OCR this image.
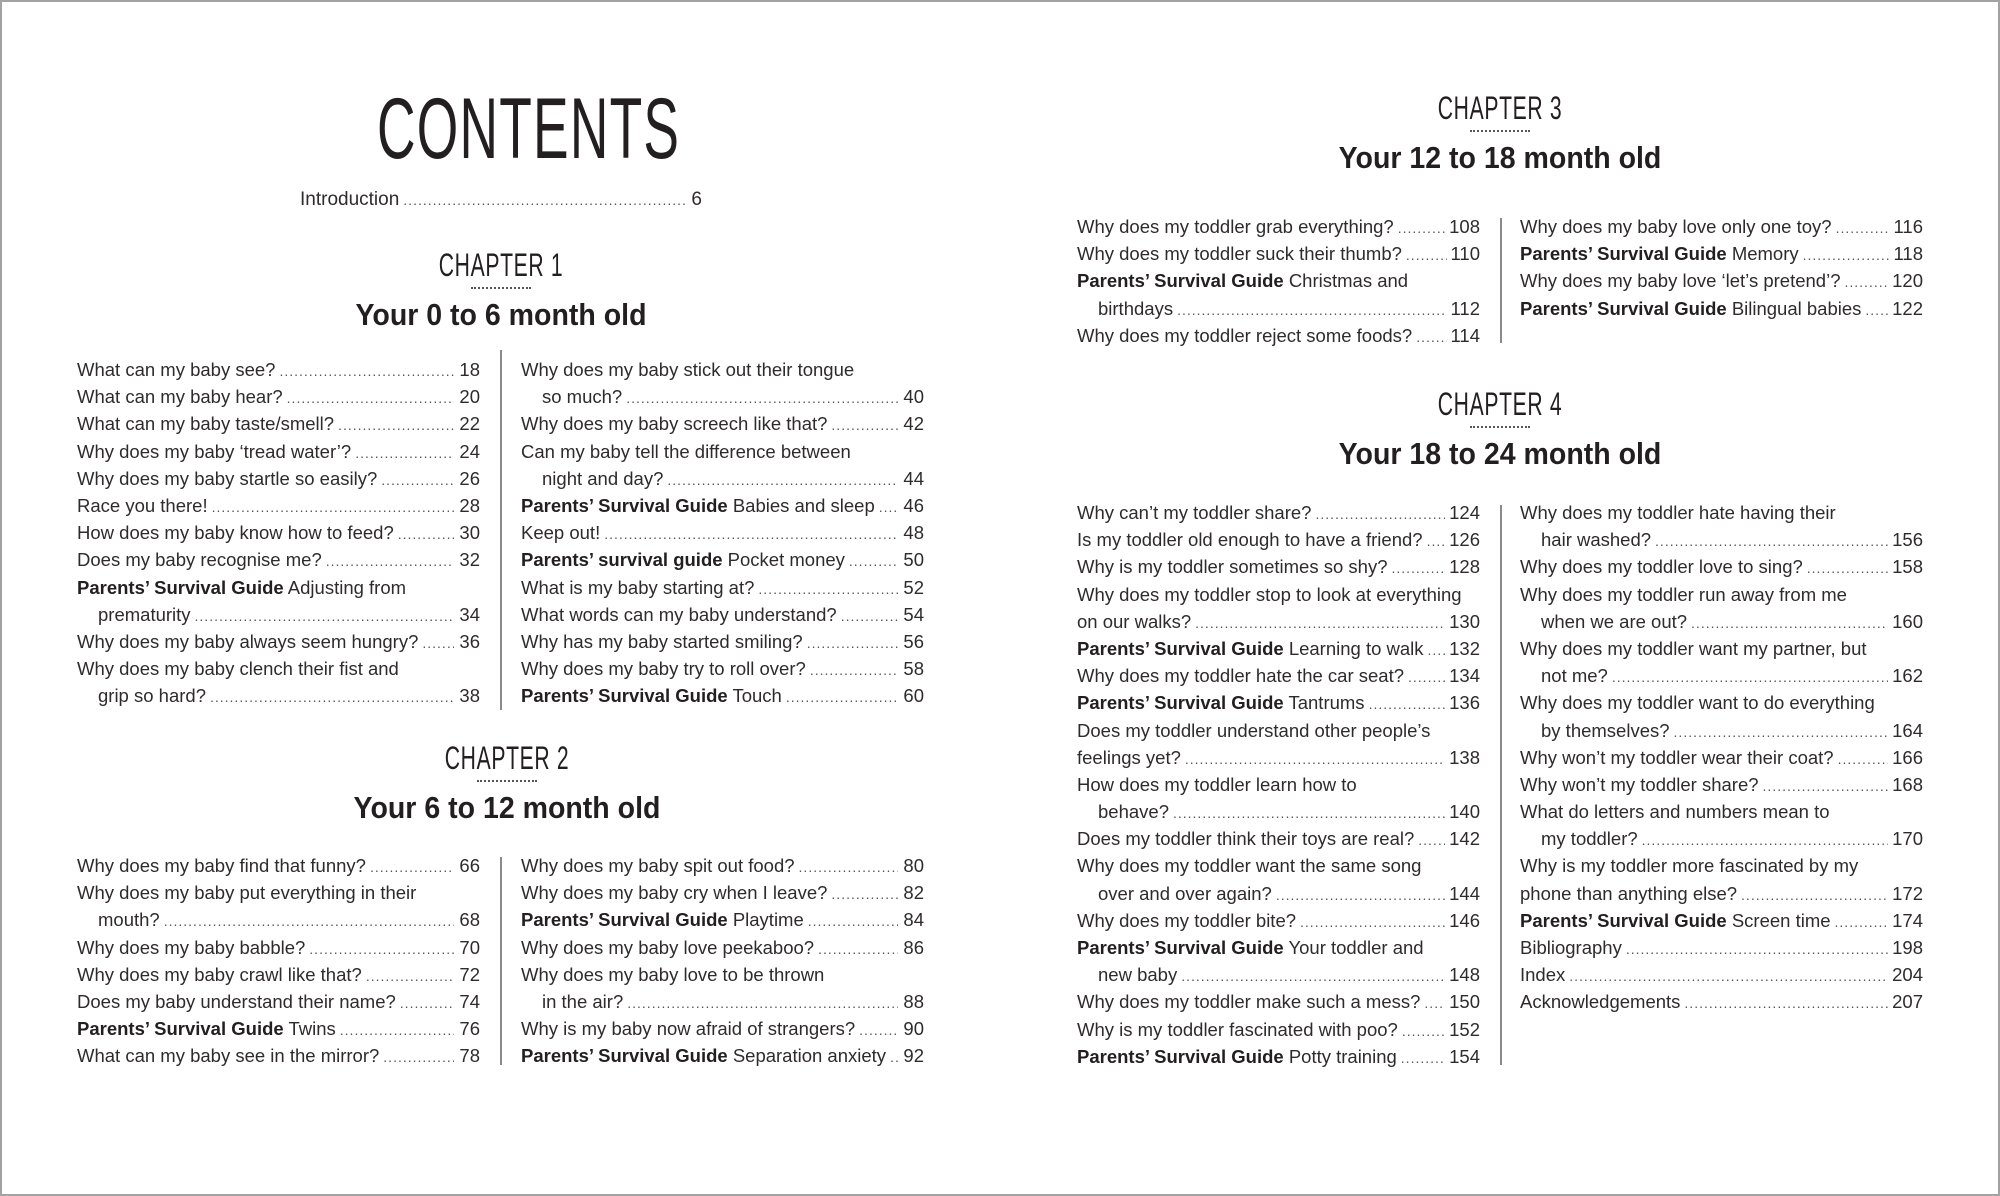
CONTENTS
Introduction .....	6
CHAPTER 1
Your 0 to 6 month old
What can my baby see? .....	18
What can my baby hear? .....	20
What can my baby taste/smell? .....	22
Why does my baby ‘tread water’? .....	24
Why does my baby startle so easily? .....	26
Race you there! .....	28
How does my baby know how to feed? .....	30
Does my baby recognise me? .....	32
Parents’ Survival Guide Adjusting from
prematurity .....	34
Why does my baby always seem hungry? ..... 36
Why does my baby clench their fist and
grip so hard? .....	38
Why does my baby stick out their tongue
so much? .....	40
Why does my baby screech like that? .....	42
Can my baby tell the difference between
night and day? .....	44
Parents’ Survival Guide Babies and sleep ..... 46
Keep out! .....	48
Parents’ survival guide Pocket money .....	50
What is my baby starting at? .....	52
What words can my baby understand? .....	54
Why has my baby started smiling? .....	56
Why does my baby try to roll over? .....	58
Parents’ Survival Guide Touch .....	60
CHAPTER 2
Your 6 to 12 month old
Why does my baby find that funny? .....	66
Why does my baby put everything in their
mouth? .....	68
Why does my baby babble? .....	70
Why does my baby crawl like that? .....	72
Does my baby understand their name? .....	74
Parents’ Survival Guide Twins .....	76
What can my baby see in the mirror? .....	78
Why does my baby spit out food? .....	80
Why does my baby cry when I leave? .....	82
Parents’ Survival Guide Playtime .....	84
Why does my baby love peekaboo? .....	86
Why does my baby love to be thrown
in the air? .....	88
Why is my baby now afraid of strangers? .....	90
Parents’ Survival Guide Separation anxiety ..... 92
CHAPTER 3
Your 12 to 18 month old
Why does my toddler grab everything? .....	108
Why does my toddler suck their thumb? .....	110
Parents’ Survival Guide Christmas and
birthdays .....	112
Why does my toddler reject some foods? ..... 114
Why does my baby love only one toy? .....	116
Parents’ Survival Guide Memory .....	118
Why does my baby love ‘let’s pretend’? .....	120
Parents’ Survival Guide Bilingual babies ..... 122
CHAPTER 4
Your 18 to 24 month old
Why can’t my toddler share? .....	124
Is my toddler old enough to have a friend? ..... 126
Why is my toddler sometimes so shy? .....	128
Why does my toddler stop to look at everything
on our walks? .....	130
Parents’ Survival Guide Learning to walk ..... 132
Why does my toddler hate the car seat? ..... 134
Parents’ Survival Guide Tantrums .....	136
Does my toddler understand other people’s
feelings yet? .....	138
How does my toddler learn how to
behave? .....	140
Does my toddler think their toys are real? ..... 142
Why does my toddler want the same song
over and over again? .....	144
Why does my toddler bite? .....	146
Parents’ Survival Guide Your toddler and
new baby .....	148
Why does my toddler make such a mess? ..... 150
Why is my toddler fascinated with poo? .....	152
Parents’ Survival Guide Potty training .....	154
Why does my toddler hate having their
hair washed? .....	156
Why does my toddler love to sing? .....	158
Why does my toddler run away from me
when we are out? .....	160
Why does my toddler want my partner, but
not me? .....	162
Why does my toddler want to do everything
by themselves? .....	164
Why won’t my toddler wear their coat? .....	166
Why won’t my toddler share? .....	168
What do letters and numbers mean to
my toddler? .....	170
Why is my toddler more fascinated by my
phone than anything else? .....	172
Parents’ Survival Guide Screen time .....	174
Bibliography .....	198
Index .....	204
Acknowledgements .....	207
